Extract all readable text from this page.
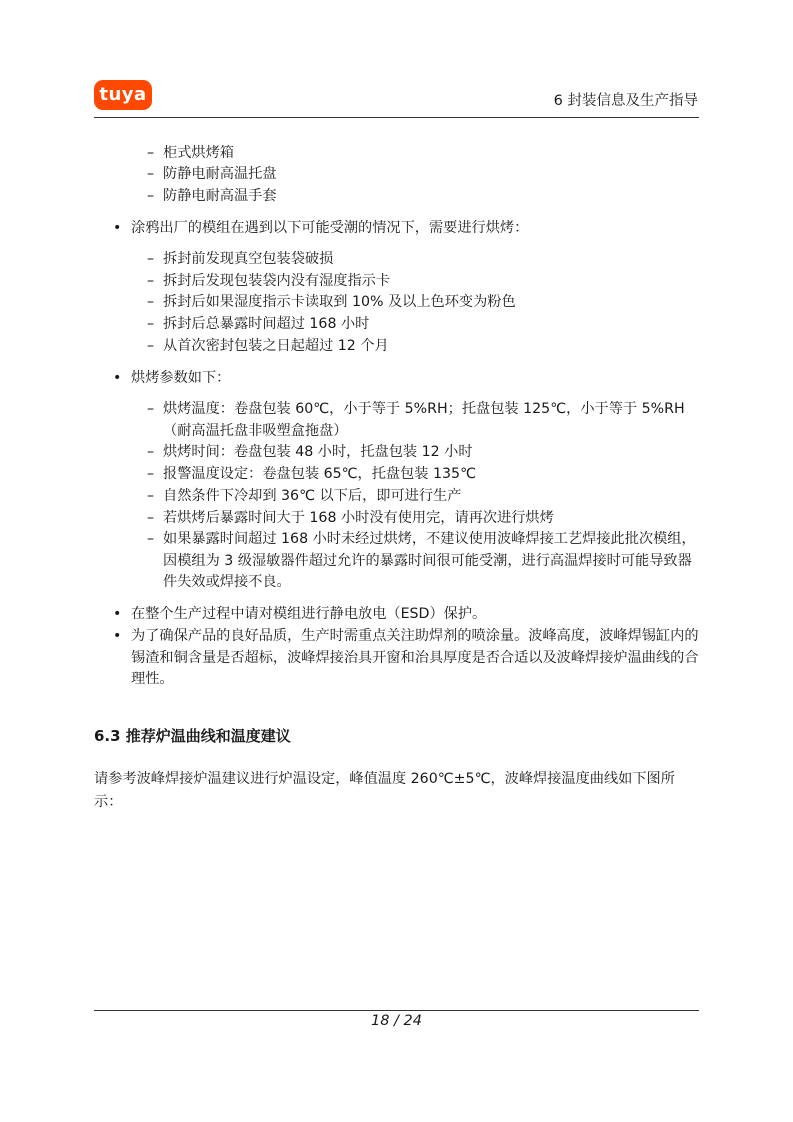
tuya	6 封装信息及生产指导
– 柜式烘烤箱
– 防静电耐高温托盘
– 防静电耐高温手套
• 涂鸦出厂的模组在遇到以下可能受潮的情况下，需要进行烘烤：
– 拆封前发现真空包装袋破损
– 拆封后发现包装袋内没有湿度指示卡
– 拆封后如果湿度指示卡读取到 10% 及以上色环变为粉色
– 拆封后总暴露时间超过 168 小时
– 从首次密封包装之日起超过 12 个月
• 烘烤参数如下：
– 烘烤温度：卷盘包装 60℃，小于等于 5%RH；托盘包装 125℃，小于等于 5%RH（耐高温托盘非吸塑盒拖盘）
– 烘烤时间：卷盘包装 48 小时，托盘包装 12 小时
– 报警温度设定：卷盘包装 65℃，托盘包装 135℃
– 自然条件下冷却到 36℃ 以下后，即可进行生产
– 若烘烤后暴露时间大于 168 小时没有使用完，请再次进行烘烤
– 如果暴露时间超过 168 小时未经过烘烤，不建议使用波峰焊接工艺焊接此批次模组，因模组为 3 级湿敏器件超过允许的暴露时间很可能受潮，进行高温焊接时可能导致器件失效或焊接不良。
• 在整个生产过程中请对模组进行静电放电（ESD）保护。
• 为了确保产品的良好品质，生产时需重点关注助焊剂的喷涂量。波峰高度，波峰焊锡缸内的锡渣和铜含量是否超标，波峰焊接治具开窗和治具厚度是否合适以及波峰焊接炉温曲线的合理性。
6.3 推荐炉温曲线和温度建议
请参考波峰焊接炉温建议进行炉温设定，峰值温度 260℃±5℃，波峰焊接温度曲线如下图所示：
18 / 24
